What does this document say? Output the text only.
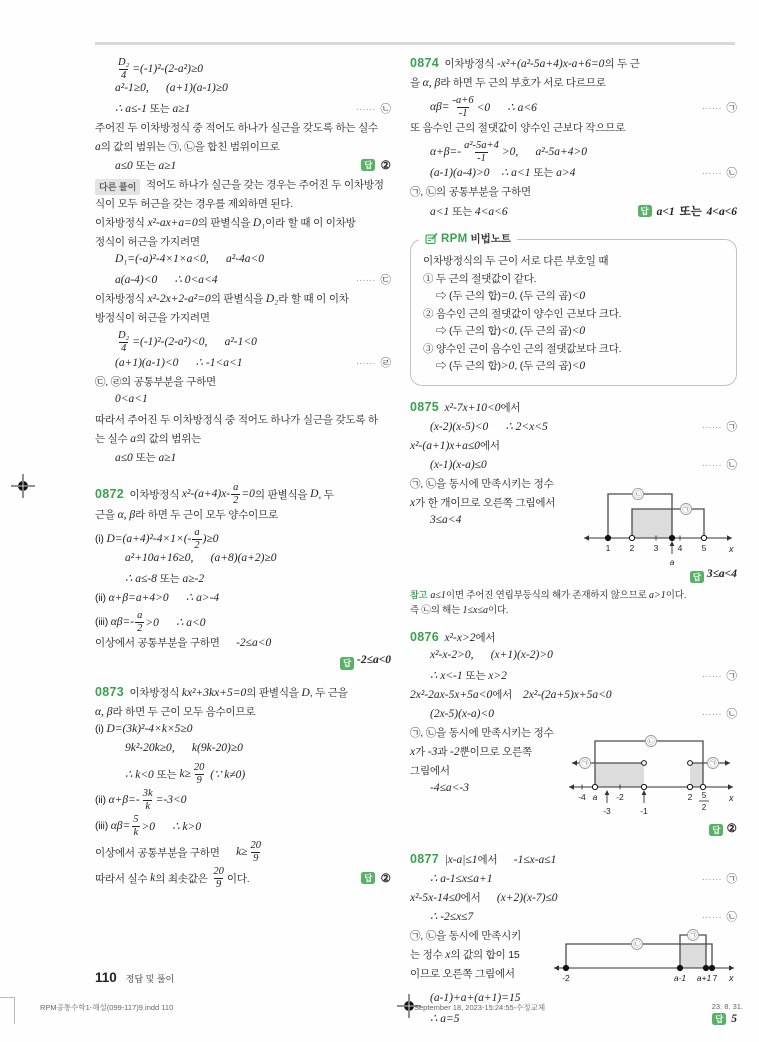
$\frac{\text{D₂}}{4} =(-1)^2-(2-a^2)\ge 0$
a²-1≥0,      (a+1)(a-1)≥0
∴ a≤-1 또는 a≥1	······ ㉡
주어진 두 이차방정식 중 적어도 하나가 실근을 갖도록 하는 실수
a 의 값의 범위는 ㉠, ㉡을 합친 범위이므로
a≤0 또는 a≥1	답 ②
다른 풀이 적어도 하나가 실근을 갖는 경우는 주어진 두 이차방정
식이 모두 허근을 갖는 경우를 제외하면 된다.
이차방정식 x²-ax+a=0 의 판별식을 D₁ 이라 할 때 이 이차방
정식이 허근을 가지려면
D₁=(-a)²-4×1×a<0,      a²-4a<0
a(a-4)<0      ∴ 0<a<4	······ ㉢
이차방정식 x²-2x+2-a²=0 의 판별식을 D₂ 라 할 때 이 이차
방정식이 허근을 가지려면
$\frac{\text{D₂}}{4} =(-1)^2-(2-a^2)<0$,      a²-1<0
(a+1)(a-1)<0      ∴ -1<a<1	······ ㉣
㉢, ㉣의 공통부분을 구하면
0<a<1
따라서 주어진 두 이차방정식 중 적어도 하나가 실근을 갖도록 하
는 실수 a 의 값의 범위는
a≤0 또는 a≥1
0872 이차방정식 $x^2-(a+4)x- \frac{a}{2} =0$ 의 판별식을 D , 두
근을 α, β 라 하면 두 근이 모두 양수이므로
(i) $D=(a+4)^2-4\times 1\times(- \frac{a}{2} )\ge 0$
a²+10a+16≥0,      (a+8)(a+2)≥0
∴ a≤-8 또는 a≥-2
(ii) α+β=a+4>0      ∴ a>-4
(iii) $\alpha\beta=- \frac{a}{2} >0$      ∴ a<0
이상에서 공통부분을 구하면 -2≤a<0
답 -2≤a<0
0873 이차방정식 kx²+3kx+5=0 의 판별식을 D , 두 근을
α, β 라 하면 두 근이 모두 음수이므로
(i) D=(3k)²-4×k×5≥0
9k²-20k≥0,      k(9k-20)≥0
∴ k<0 또는 $k\ge \frac{20}{9}$ (∵ k≠0)
(ii) $\alpha+\beta=- \frac{3k}{k} =-3<0$
(iii) $\alpha\beta= \frac{5}{k} >0$      ∴ k>0
이상에서 공통부분을 구하면 $k\ge \frac{20}{9}$
따라서 실수 k 의 최솟값은 $\frac{20}{9}$ 이다.	답 ②
0874 이차방정식 -x²+(a²-5a+4)x-a+6=0 의 두 근
을 α, β 라 하면 두 근의 부호가 서로 다르므로
$\alpha\beta= \frac{-a+6}{-1} <0$      ∴ a<6	······ ㉠
또 음수인 근의 절댓값이 양수인 근보다 작으므로
$\alpha+\beta=- \frac{\text{a²-5a+4}}{-1} >0$,      a²-5a+4>0
(a-1)(a-4)>0    ∴ a<1 또는 a>4	······ ㉡
㉠, ㉡의 공통부분을 구하면
a<1 또는 4<a<6	답 a<1 또는 4<a<6
RPM 비법노트
이차방정식의 두 근이 서로 다른 부호일 때
① 두 근의 절댓값이 같다.
⇨ (두 근의 합) =0 , (두 근의 곱) <0
② 음수인 근의 절댓값이 양수인 근보다 크다.
⇨ (두 근의 합) <0 , (두 근의 곱) <0
③ 양수인 근이 음수인 근의 절댓값보다 크다.
⇨ (두 근의 합) >0 , (두 근의 곱) <0
0875
x²-7x+10<0 에서
(x-2)(x-5)<0      ∴ 2<x<5	······ ㉠
x²-(a+1)x+a≤0 에서
(x-1)(x-a)≤0	······ ㉡
㉠, ㉡을 동시에 만족시키는 정수
x 가 한 개이므로 오른쪽 그림에서
3≤a<4
㉡
㉠
1 2 3 4 5
a
x
답 3≤a<4
참고 a≤1 이면 주어진 연립부등식의 해가 존재하지 않으므로 a>1 이다.
즉 ㉡의 해는 1≤x≤a 이다.
0876
x²-x>2 에서
x²-x-2>0,      (x+1)(x-2)>0
∴ x<-1 또는 x>2	······ ㉠
2x²-2ax-5x+5a<0 에서 2x²-(2a+5)x+5a<0
(2x-5)(x-a)<0	······ ㉡
㉠, ㉡을 동시에 만족시키는 정수
x 가 -3 과 -2 뿐이므로 오른쪽
그림에서
-4≤a<-3
㉡
㉠	㉠
-4 a -2	2 5
2
-3	-1
x
답 ②
0877
|x-a|≤1 에서 -1≤x-a≤1
∴ a-1≤x≤a+1	······ ㉠
x²-5x-14≤0 에서 (x+2)(x-7)≤0
∴ -2≤x≤7	······ ㉡
㉠, ㉡을 동시에 만족시키
는 정수 x 의 값의 합이 15
이므로 오른쪽 그림에서
㉡
㉠
-2	a-1 a+1 7 x
(a-1)+a+(a+1)=15
∴ a=5	답 5
110 정답 및 풀이
RPM공통수학1-해설(099-117)9.indd 110	September 18, 2023-15:24:55-수정교체	23. 8. 31.
